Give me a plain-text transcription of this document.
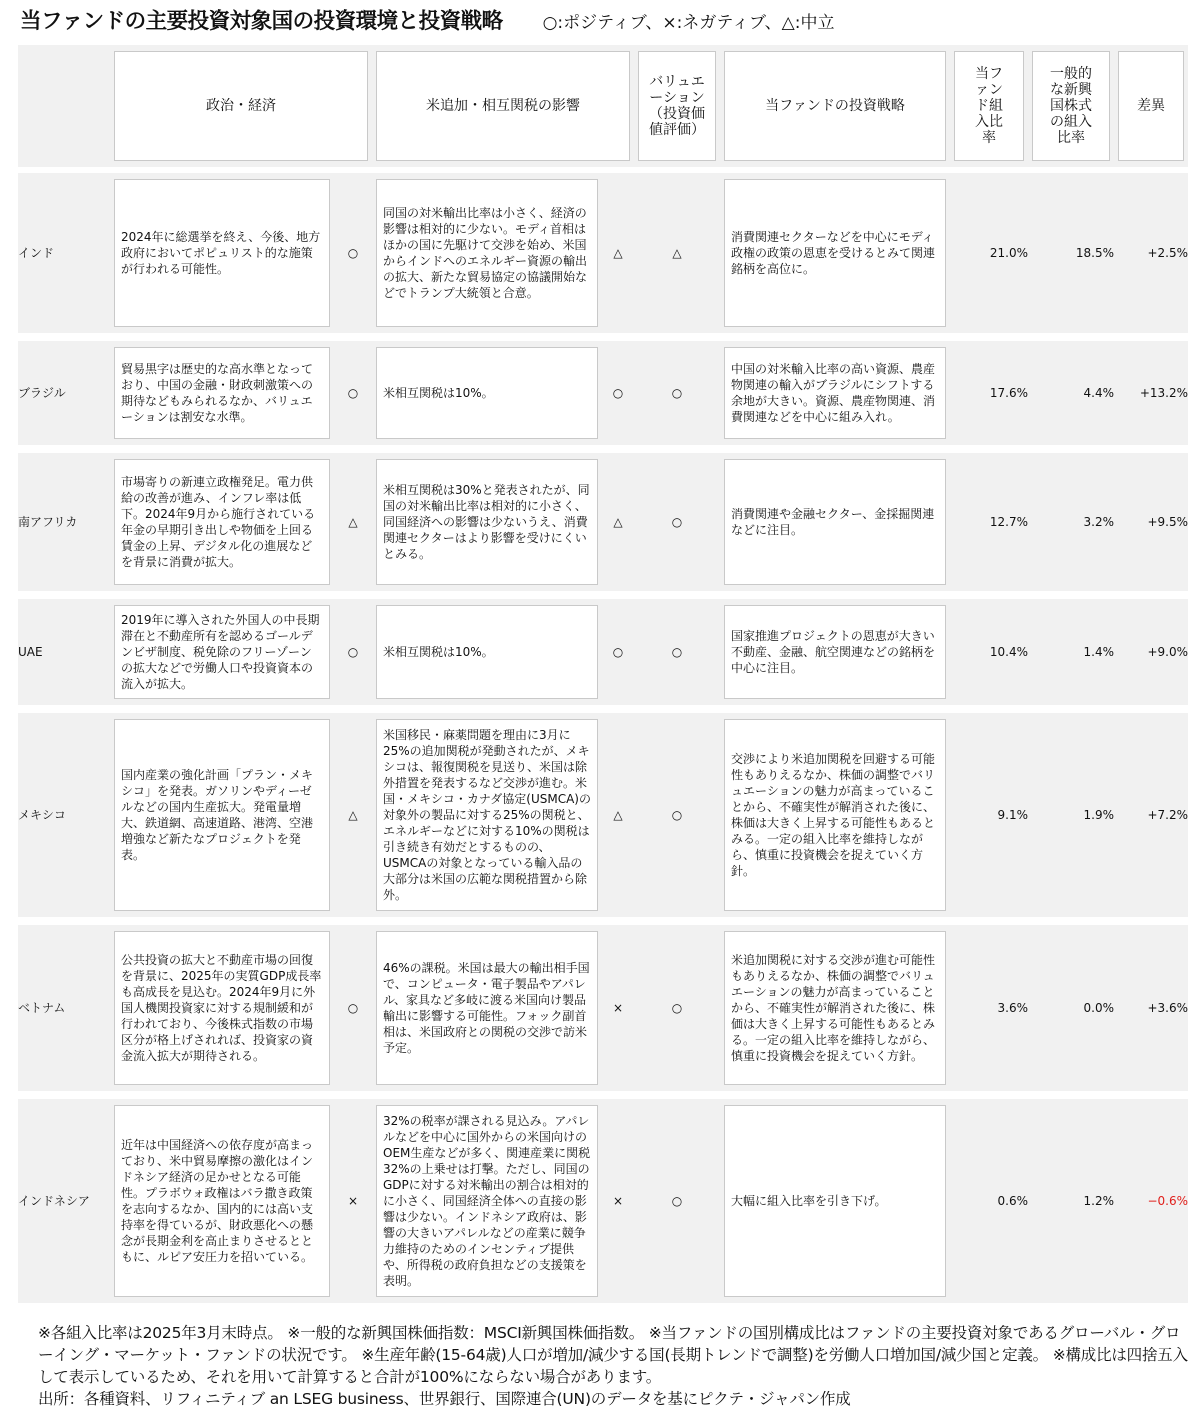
当ファンドの主要投資対象国の投資環境と投資戦略 ○:ポジティブ、×:ネガティブ、△:中立

	政治・経済		米追加・相互関税の影響		バリュエーション（投資価値評価）	当ファンドの投資戦略	当ファンド組入比率	一般的な新興国株式の組入比率	差異

インド	2024年に総選挙を終え、今後、地方政府においてポピュリスト的な施策が行われる可能性。	○	同国の対米輸出比率は小さく、経済の影響は相対的に少ない。モディ首相はほかの国に先駆けて交渉を始め、米国からインドへのエネルギー資源の輸出の拡大、新たな貿易協定の協議開始などでトランプ大統領と合意。	△	△	消費関連セクターなどを中心にモディ政権の政策の恩恵を受けるとみて関連銘柄を高位に。	21.0%	18.5%	+2.5%
ブラジル	貿易黒字は歴史的な高水準となっており、中国の金融・財政刺激策への期待などもみられるなか、バリュエーションは割安な水準。	○	米相互関税は10%。	○	○	中国の対米輸入比率の高い資源、農産物関連の輸入がブラジルにシフトする余地が大きい。資源、農産物関連、消費関連などを中心に組み入れ。	17.6%	4.4%	+13.2%
南アフリカ	市場寄りの新連立政権発足。電力供給の改善が進み、インフレ率は低下。2024年9月から施行されている年金の早期引き出しや物価を上回る賃金の上昇、デジタル化の進展などを背景に消費が拡大。	△	米相互関税は30%と発表されたが、同国の対米輸出比率は相対的に小さく、同国経済への影響は少ないうえ、消費関連セクターはより影響を受けにくいとみる。	△	○	消費関連や金融セクター、金採掘関連などに注目。	12.7%	3.2%	+9.5%
UAE	2019年に導入された外国人の中長期滞在と不動産所有を認めるゴールデンビザ制度、税免除のフリーゾーンの拡大などで労働人口や投資資本の流入が拡大。	○	米相互関税は10%。	○	○	国家推進プロジェクトの恩恵が大きい不動産、金融、航空関連などの銘柄を中心に注目。	10.4%	1.4%	+9.0%
メキシコ	国内産業の強化計画「プラン・メキシコ」を発表。ガソリンやディーゼルなどの国内生産拡大。発電量増大、鉄道網、高速道路、港湾、空港増強など新たなプロジェクトを発表。	△	米国移民・麻薬問題を理由に3月に25%の追加関税が発動されたが、メキシコは、報復関税を見送り、米国は除外措置を発表するなど交渉が進む。米国・メキシコ・カナダ協定(USMCA)の対象外の製品に対する25%の関税と、エネルギーなどに対する10%の関税は引き続き有効だとするものの、USMCAの対象となっている輸入品の大部分は米国の広範な関税措置から除外。	△	○	交渉により米追加関税を回避する可能性もありえるなか、株価の調整でバリュエーションの魅力が高まっていることから、不確実性が解消された後に、株価は大きく上昇する可能性もあるとみる。一定の組入比率を維持しながら、慎重に投資機会を捉えていく方針。	9.1%	1.9%	+7.2%
ベトナム	公共投資の拡大と不動産市場の回復を背景に、2025年の実質GDP成長率も高成長を見込む。2024年9月に外国人機関投資家に対する規制緩和が行われており、今後株式指数の市場区分が格上げされれば、投資家の資金流入拡大が期待される。	○	46%の課税。米国は最大の輸出相手国で、コンピュータ・電子製品やアパレル、家具など多岐に渡る米国向け製品輸出に影響する可能性。フォック副首相は、米国政府との関税の交渉で訪米予定。	×	○	米追加関税に対する交渉が進む可能性もありえるなか、株価の調整でバリュエーションの魅力が高まっていることから、不確実性が解消された後に、株価は大きく上昇する可能性もあるとみる。一定の組入比率を維持しながら、慎重に投資機会を捉えていく方針。	3.6%	0.0%	+3.6%
インドネシア	近年は中国経済への依存度が高まっており、米中貿易摩擦の激化はインドネシア経済の足かせとなる可能性。プラボウォ政権はバラ撒き政策を志向するなか、国内的には高い支持率を得ているが、財政悪化への懸念が長期金利を高止まりさせるとともに、ルピア安圧力を招いている。	×	32%の税率が課される見込み。アパレルなどを中心に国外からの米国向けのOEM生産などが多く、関連産業に関税32%の上乗せは打撃。ただし、同国のGDPに対する対米輸出の割合は相対的に小さく、同国経済全体への直接の影響は少ない。インドネシア政府は、影響の大きいアパレルなどの産業に競争力維持のためのインセンティブ提供や、所得税の政府負担などの支援策を表明。	×	○	大幅に組入比率を引き下げ。	0.6%	1.2%	−0.6%

※各組入比率は2025年3月末時点。 ※一般的な新興国株価指数：MSCI新興国株価指数。 ※当ファンドの国別構成比はファンドの主要投資対象であるグローバル・グローイング・マーケット・ファンドの状況です。 ※生産年齢(15-64歳)人口が増加/減少する国(長期トレンドで調整)を労働人口増加国/減少国と定義。 ※構成比は四捨五入して表示しているため、それを用いて計算すると合計が100%にならない場合があります。

出所：各種資料、リフィニティブ an LSEG business、世界銀行、国際連合(UN)のデータを基にピクテ・ジャパン作成
